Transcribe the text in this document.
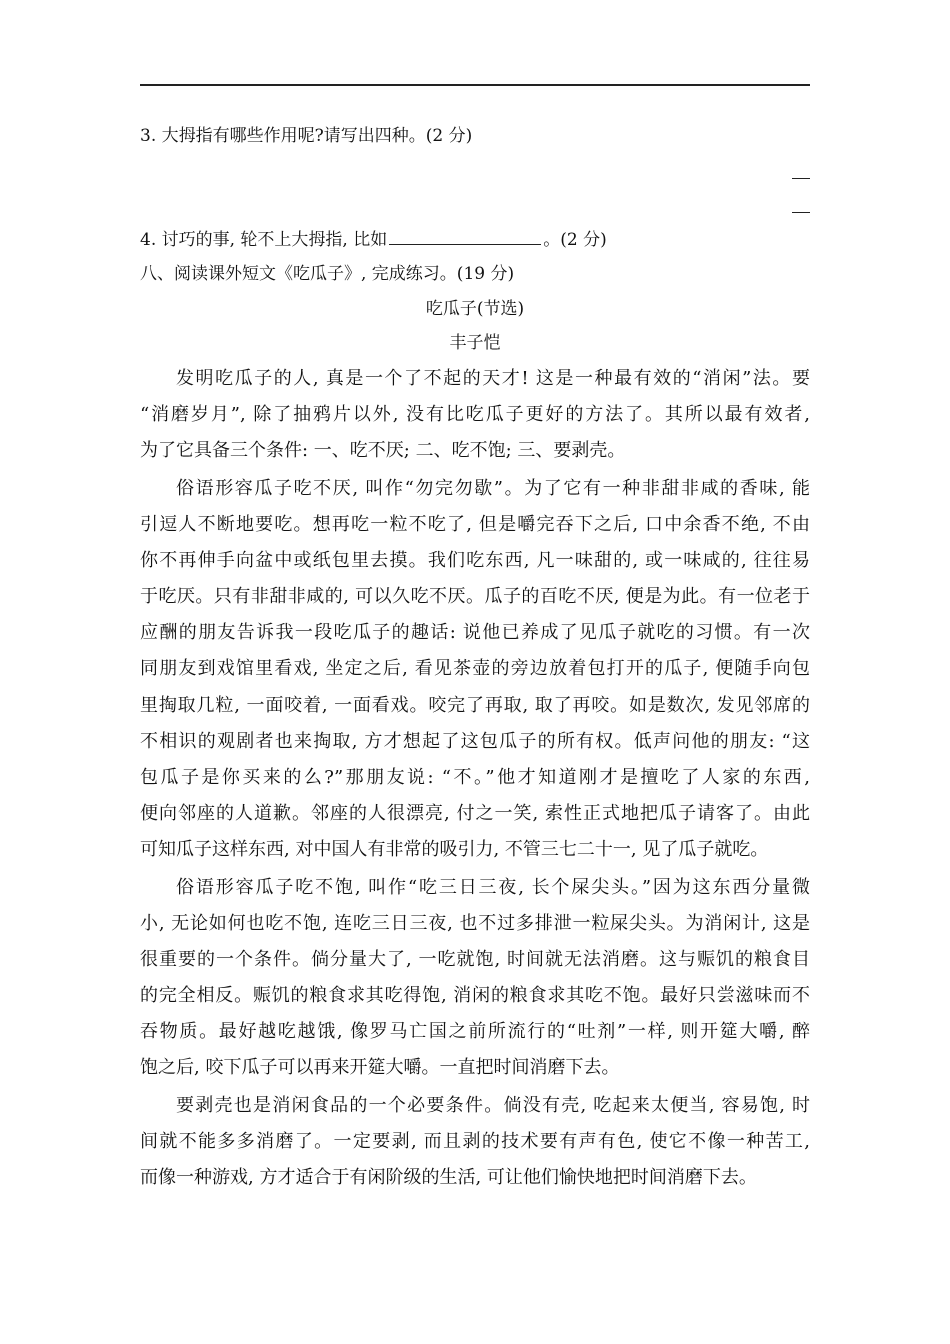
3. 大拇指有哪些作用呢?请写出四种。(2 分)
4. 讨巧的事, 轮不上大拇指, 比如	。(2 分)
八、阅读课外短文《吃瓜子》, 完成练习。(19 分)
吃瓜子(节选)
丰子恺
发明吃瓜子的人, 真是一个了不起的天才! 这是一种最有效的“消闲”法。要
“消磨岁月”, 除了抽鸦片以外, 没有比吃瓜子更好的方法了。其所以最有效者,
为了它具备三个条件: 一、吃不厌; 二、吃不饱; 三、要剥壳。
俗语形容瓜子吃不厌, 叫作“勿完勿歇”。为了它有一种非甜非咸的香味, 能
引逗人不断地要吃。想再吃一粒不吃了, 但是嚼完吞下之后, 口中余香不绝, 不由
你不再伸手向盆中或纸包里去摸。我们吃东西, 凡一味甜的, 或一味咸的, 往往易
于吃厌。只有非甜非咸的, 可以久吃不厌。瓜子的百吃不厌, 便是为此。有一位老于
应酬的朋友告诉我一段吃瓜子的趣话: 说他已养成了见瓜子就吃的习惯。有一次
同朋友到戏馆里看戏, 坐定之后, 看见茶壶的旁边放着包打开的瓜子, 便随手向包
里掏取几粒, 一面咬着, 一面看戏。咬完了再取, 取了再咬。如是数次, 发见邻席的
不相识的观剧者也来掏取, 方才想起了这包瓜子的所有权。低声问他的朋友: “这
包瓜子是你买来的么?”那朋友说: “不。”他才知道刚才是擅吃了人家的东西,
便向邻座的人道歉。邻座的人很漂亮, 付之一笑, 索性正式地把瓜子请客了。由此
可知瓜子这样东西, 对中国人有非常的吸引力, 不管三七二十一, 见了瓜子就吃。
俗语形容瓜子吃不饱, 叫作“吃三日三夜, 长个屎尖头。”因为这东西分量微
小, 无论如何也吃不饱, 连吃三日三夜, 也不过多排泄一粒屎尖头。为消闲计, 这是
很重要的一个条件。倘分量大了, 一吃就饱, 时间就无法消磨。这与赈饥的粮食目
的完全相反。赈饥的粮食求其吃得饱, 消闲的粮食求其吃不饱。最好只尝滋味而不
吞物质。最好越吃越饿, 像罗马亡国之前所流行的“吐剂”一样, 则开筵大嚼, 醉
饱之后, 咬下瓜子可以再来开筵大嚼。一直把时间消磨下去。
要剥壳也是消闲食品的一个必要条件。倘没有壳, 吃起来太便当, 容易饱, 时
间就不能多多消磨了。一定要剥, 而且剥的技术要有声有色, 使它不像一种苦工,
而像一种游戏, 方才适合于有闲阶级的生活, 可让他们愉快地把时间消磨下去。
